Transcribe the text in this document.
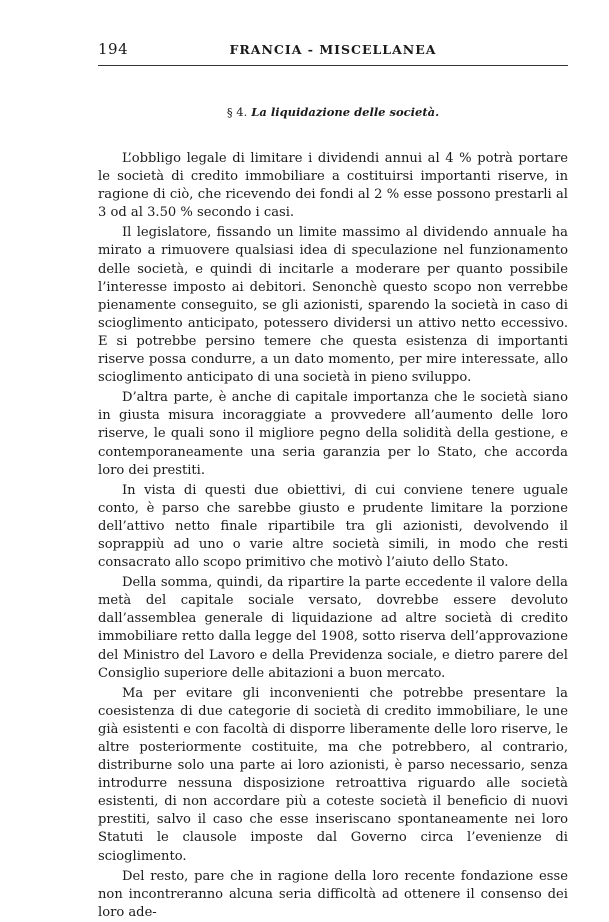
194	FRANCIA - MISCELLANEA
§ 4. La liquidazione delle società.

L’obbligo legale di limitare i dividendi annui al 4 % potrà portare le società di credito immobiliare a costituirsi importanti riserve, in ragione di ciò, che ricevendo dei fondi al 2 % esse possono prestarli al 3 od al 3.50 % secondo i casi.

Il legislatore, fissando un limite massimo al dividendo annuale ha mirato a rimuovere qualsiasi idea di speculazione nel funzionamento delle società, e quindi di incitarle a moderare per quanto possibile l’interesse imposto ai debitori. Senonchè questo scopo non verrebbe pienamente conseguito, se gli azionisti, sparendo la società in caso di scioglimento anticipato, potessero dividersi un attivo netto eccessivo. E si potrebbe persino temere che questa esistenza di importanti riserve possa condurre, a un dato momento, per mire interessate, allo scioglimento anticipato di una società in pieno sviluppo.

D’altra parte, è anche di capitale importanza che le società siano in giusta misura incoraggiate a provvedere all’aumento delle loro riserve, le quali sono il migliore pegno della solidità della gestione, e contemporaneamente una seria garanzia per lo Stato, che accorda loro dei prestiti.

In vista di questi due obiettivi, di cui conviene tenere uguale conto, è parso che sarebbe giusto e prudente limitare la porzione dell’attivo netto finale ripartibile tra gli azionisti, devolvendo il soprappiù ad uno o varie altre società simili, in modo che resti consacrato allo scopo primitivo che motivò l’aiuto dello Stato.

Della somma, quindi, da ripartire la parte eccedente il valore della metà del capitale sociale versato, dovrebbe essere devoluto dall’assemblea generale di liquidazione ad altre società di credito immobiliare retto dalla legge del 1908, sotto riserva dell’approvazione del Ministro del Lavoro e della Previdenza sociale, e dietro parere del Consiglio superiore delle abitazioni a buon mercato.

Ma per evitare gli inconvenienti che potrebbe presentare la coesistenza di due categorie di società di credito immobiliare, le une già esistenti e con facoltà di disporre liberamente delle loro riserve, le altre posteriormente costituite, ma che potrebbero, al contrario, distriburne solo una parte ai loro azionisti, è parso necessario, senza introdurre nessuna disposizione retroattiva riguardo alle società esistenti, di non accordare più a coteste società il beneficio di nuovi prestiti, salvo il caso che esse inseriscano spontaneamente nei loro Statuti le clausole imposte dal Governo circa l’evenienze di scioglimento.

Del resto, pare che in ragione della loro recente fondazione esse non incontreranno alcuna seria difficoltà ad ottenere il consenso dei loro ade-
